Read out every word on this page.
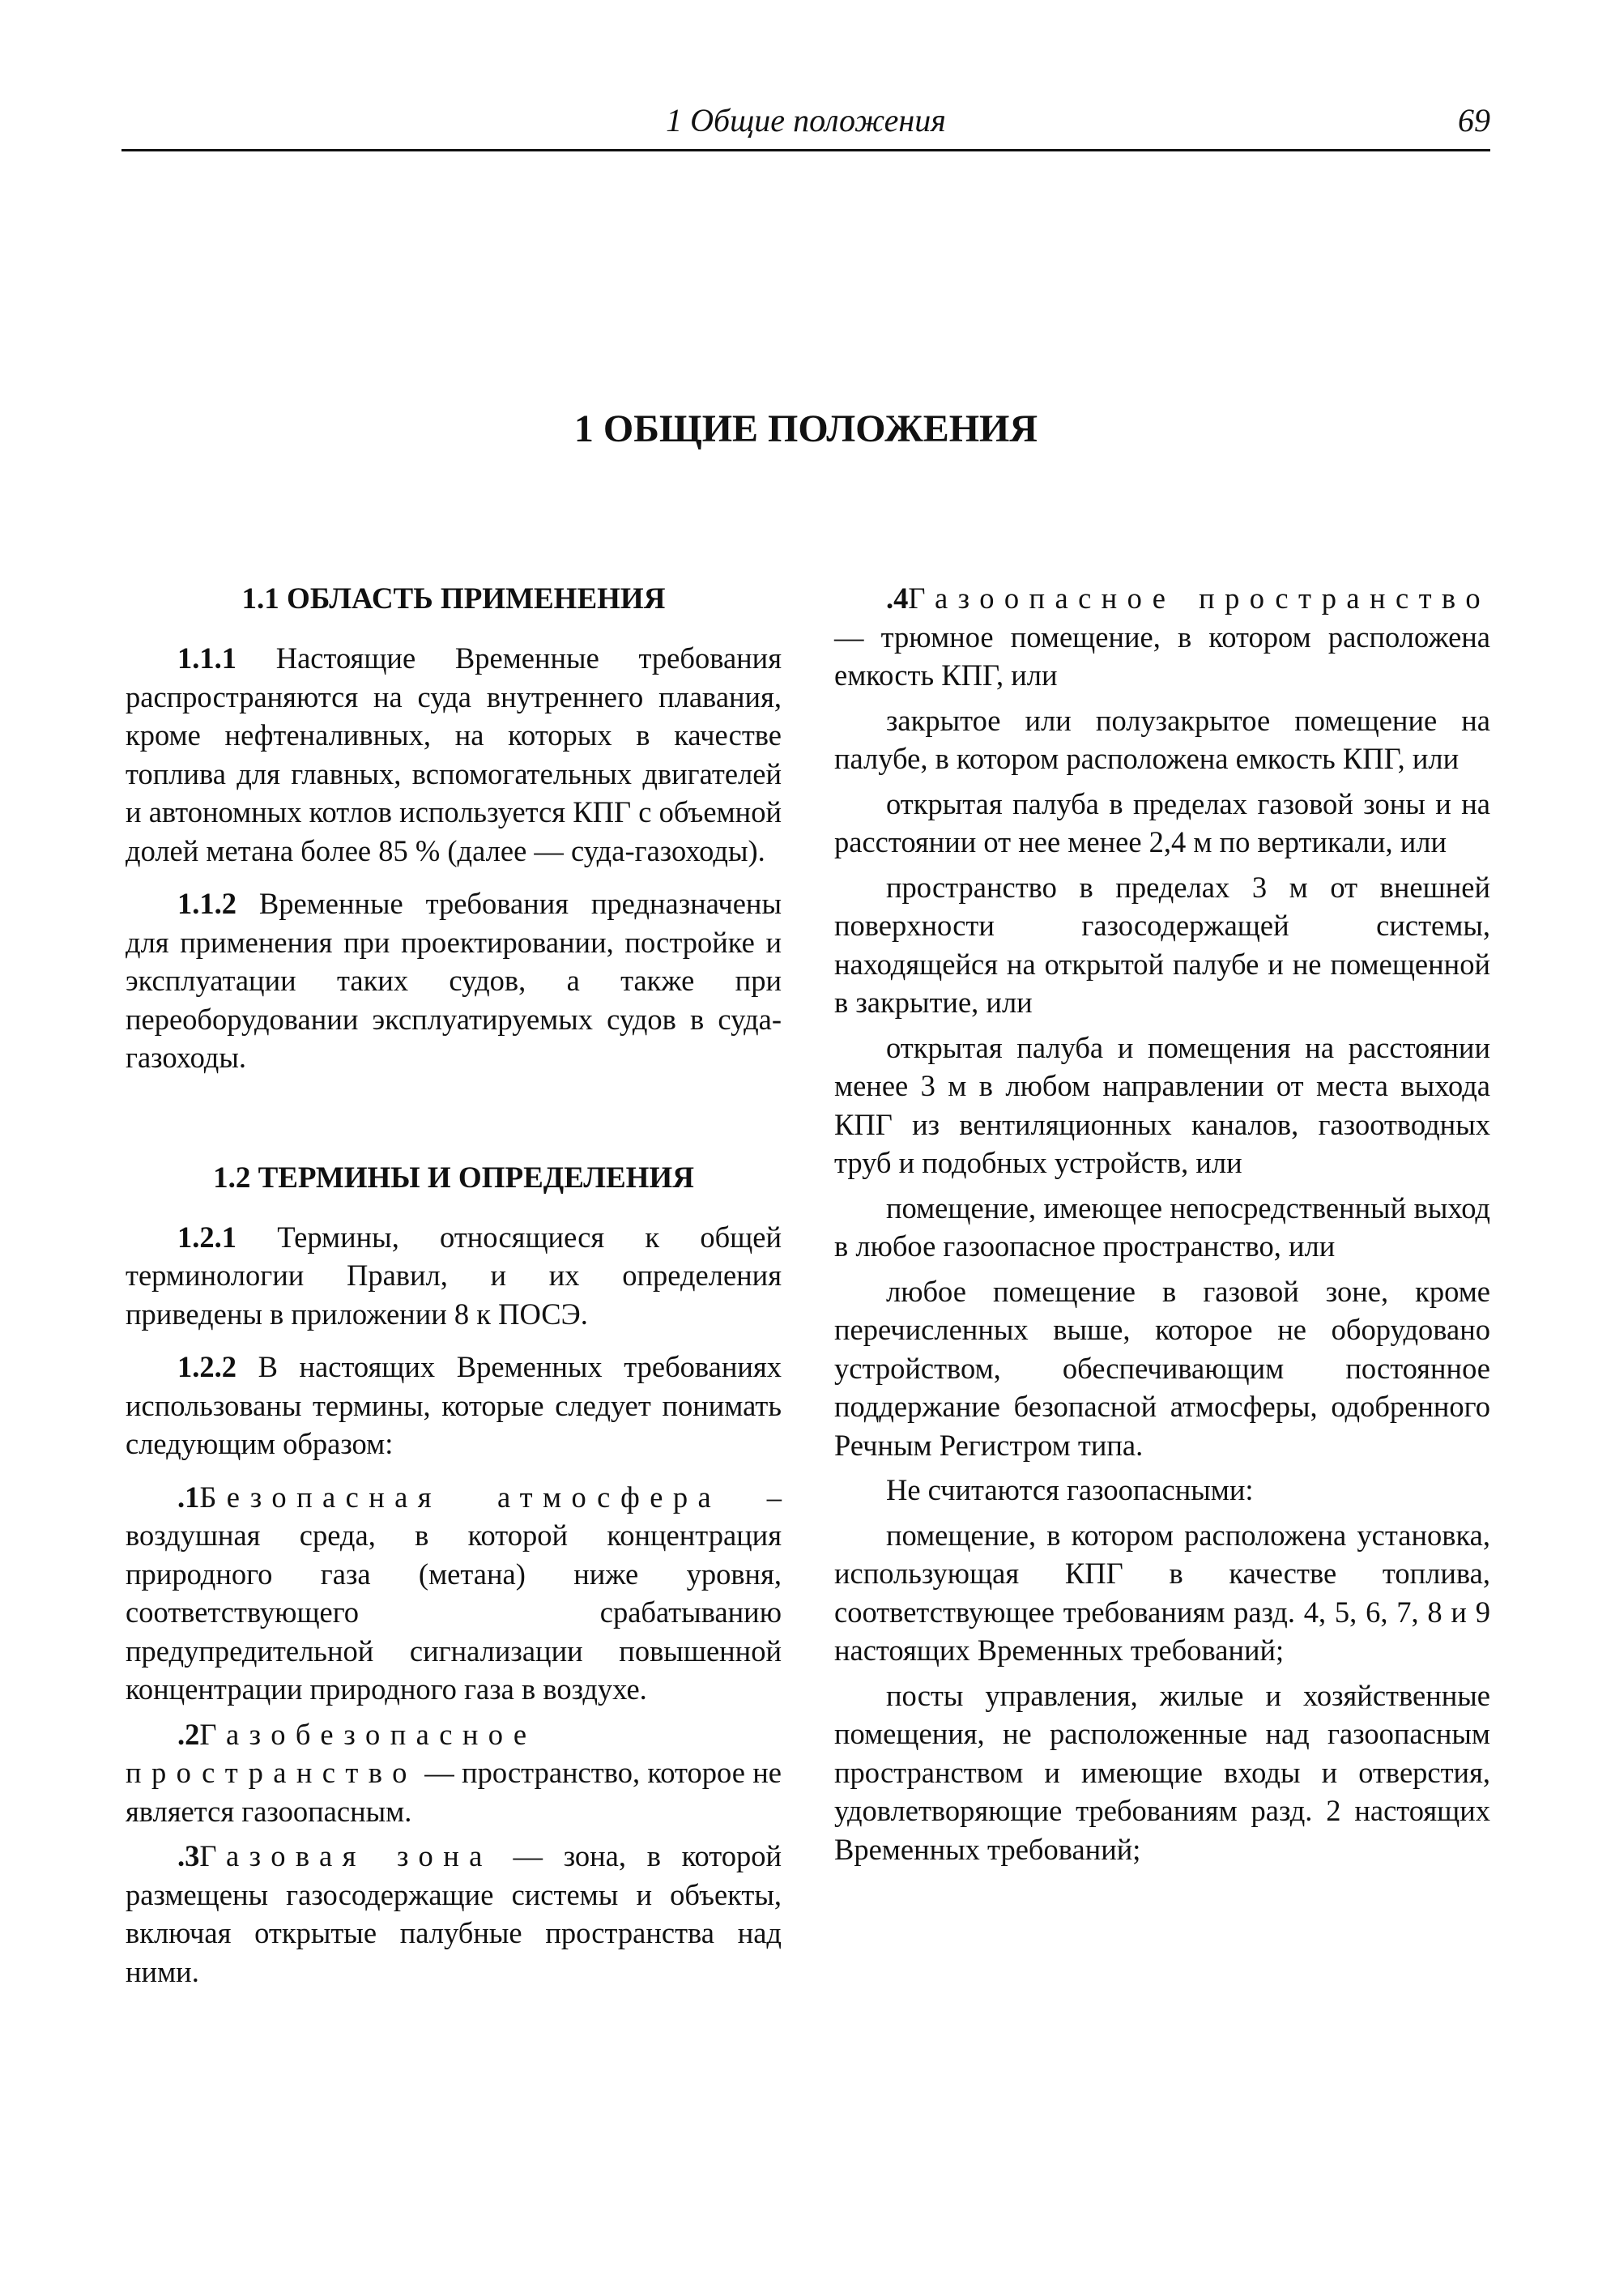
1 Общие положения	69
1 ОБЩИЕ ПОЛОЖЕНИЯ
1.1 ОБЛАСТЬ ПРИМЕНЕНИЯ

1.1.1 Настоящие Временные требования распространяются на суда внутреннего плавания, кроме нефтеналивных, на которых в качестве топлива для главных, вспомогательных двигателей и автономных котлов используется КПГ с объемной долей метана более 85 % (далее — суда-газоходы).

1.1.2 Временные требования предназначены для применения при проектировании, постройке и эксплуатации таких судов, а также при переоборудовании эксплуатируемых судов в суда-газоходы.

1.2 ТЕРМИНЫ И ОПРЕДЕЛЕНИЯ

1.2.1 Термины, относящиеся к общей терминологии Правил, и их определения приведены в приложении 8 к ПОСЭ.

1.2.2 В настоящих Временных требованиях использованы термины, которые следует понимать следующим образом:

.1Безопасная атмосфера – воздушная среда, в которой концентрация природного газа (метана) ниже уровня, соответствующего срабатыванию предупредительной сигнализации повышенной концентрации природного газа в воздухе.

.2Газобезопасное пространство — пространство, которое не является газоопасным.

.3Газовая зона — зона, в которой размещены газосодержащие системы и объекты, включая открытые палубные пространства над ними.

.4Газоопасное пространство — трюмное помещение, в котором расположена емкость КПГ, или

закрытое или полузакрытое помещение на палубе, в котором расположена емкость КПГ, или

открытая палуба в пределах газовой зоны и на расстоянии от нее менее 2,4 м по вертикали, или

пространство в пределах 3 м от внешней поверхности газосодержащей системы, находящейся на открытой палубе и не помещенной в закрытие, или

открытая палуба и помещения на расстоянии менее 3 м в любом направлении от места выхода КПГ из вентиляционных каналов, газоотводных труб и подобных устройств, или

помещение, имеющее непосредственный выход в любое газоопасное пространство, или

любое помещение в газовой зоне, кроме перечисленных выше, которое не оборудовано устройством, обеспечивающим постоянное поддержание безопасной атмосферы, одобренного Речным Регистром типа.

Не считаются газоопасными:

помещение, в котором расположена установка, использующая КПГ в качестве топлива, соответствующее требованиям разд. 4, 5, 6, 7, 8 и 9 настоящих Временных требований;

посты управления, жилые и хозяйственные помещения, не расположенные над газоопасным пространством и имеющие входы и отверстия, удовлетворяющие требованиям разд. 2 настоящих Временных требований;
